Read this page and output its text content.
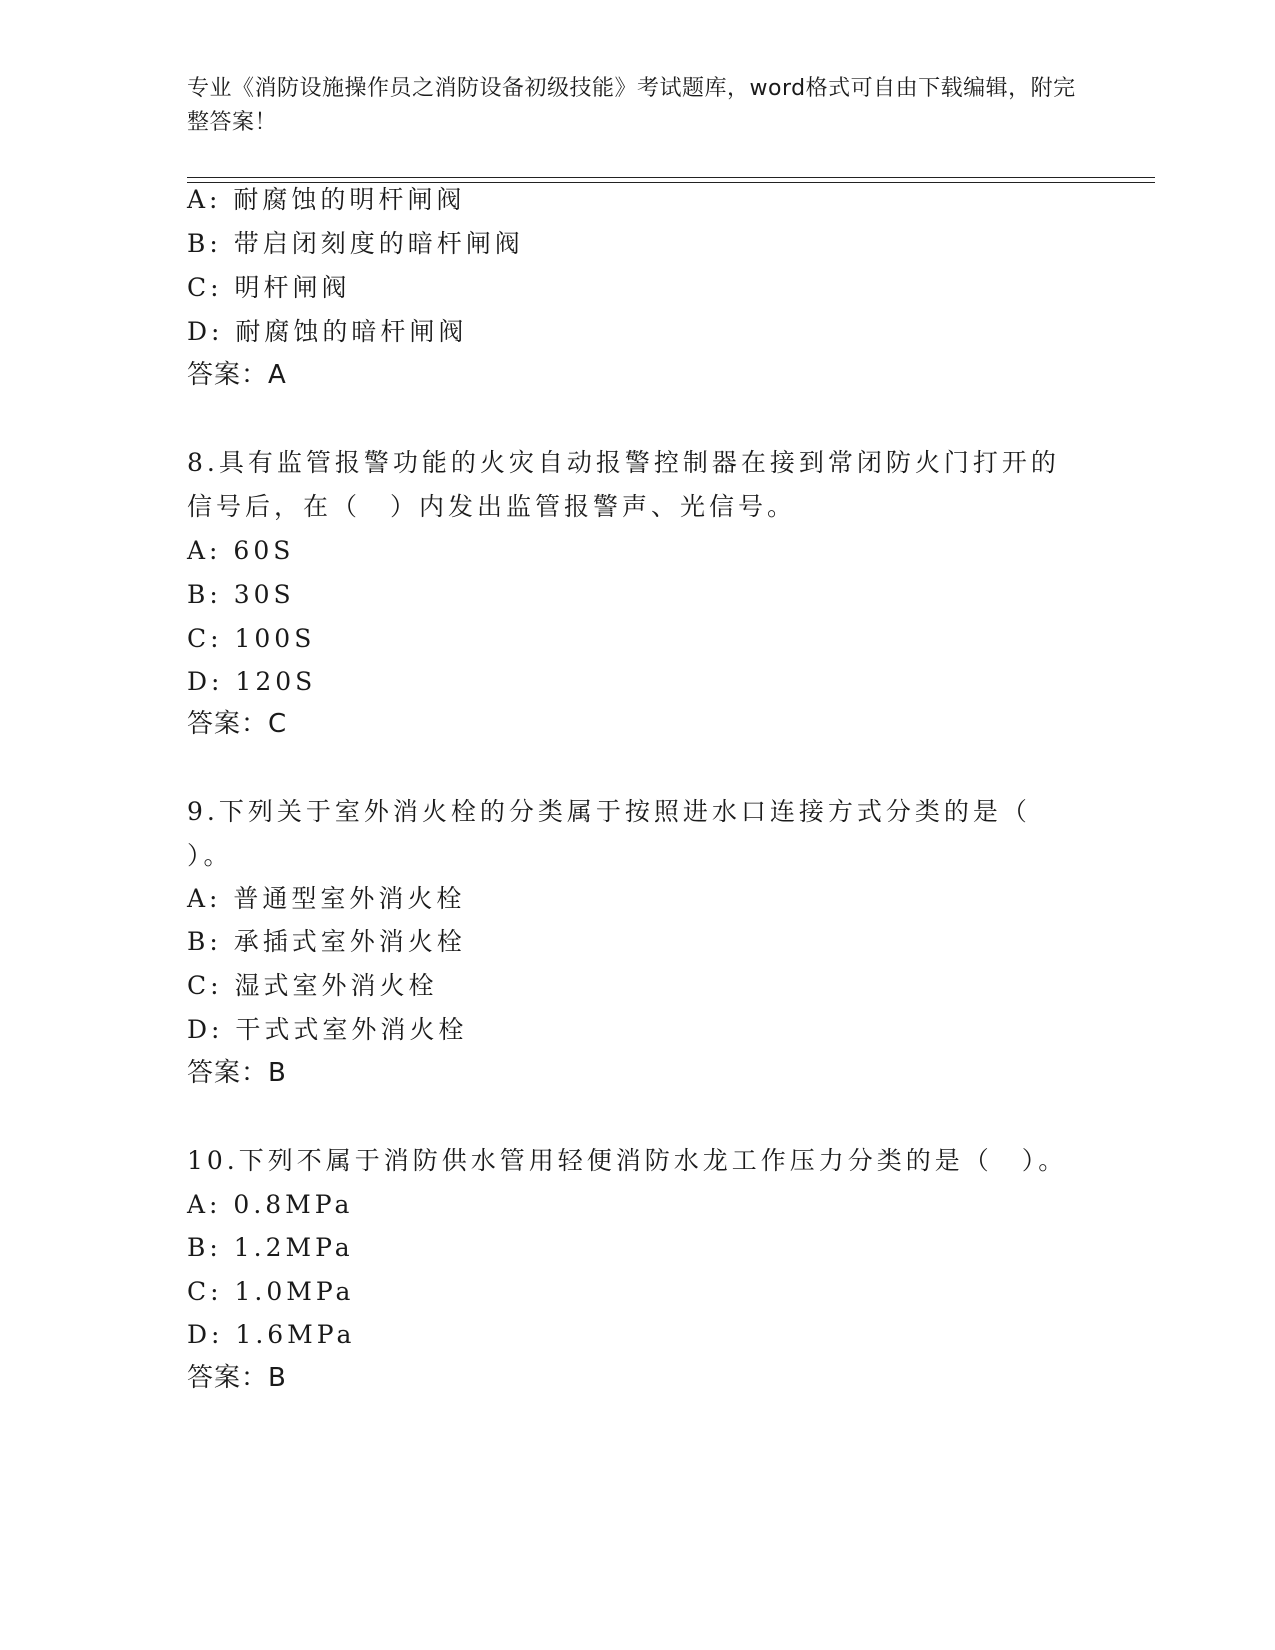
专业《消防设施操作员之消防设备初级技能》考试题库，word格式可自由下载编辑，附完整答案！
A: 耐腐蚀的明杆闸阀
B: 带启闭刻度的暗杆闸阀
C: 明杆闸阀
D: 耐腐蚀的暗杆闸阀
答案：A
8.具有监管报警功能的火灾自动报警控制器在接到常闭防火门打开的
信号后，在（　）内发出监管报警声、光信号。
A: 60S
B: 30S
C: 100S
D: 120S
答案：C
9.下列关于室外消火栓的分类属于按照进水口连接方式分类的是（
）。
A: 普通型室外消火栓
B: 承插式室外消火栓
C: 湿式室外消火栓
D: 干式式室外消火栓
答案：B
10.下列不属于消防供水管用轻便消防水龙工作压力分类的是（　）。
A: 0.8MPa
B: 1.2MPa
C: 1.0MPa
D: 1.6MPa
答案：B
